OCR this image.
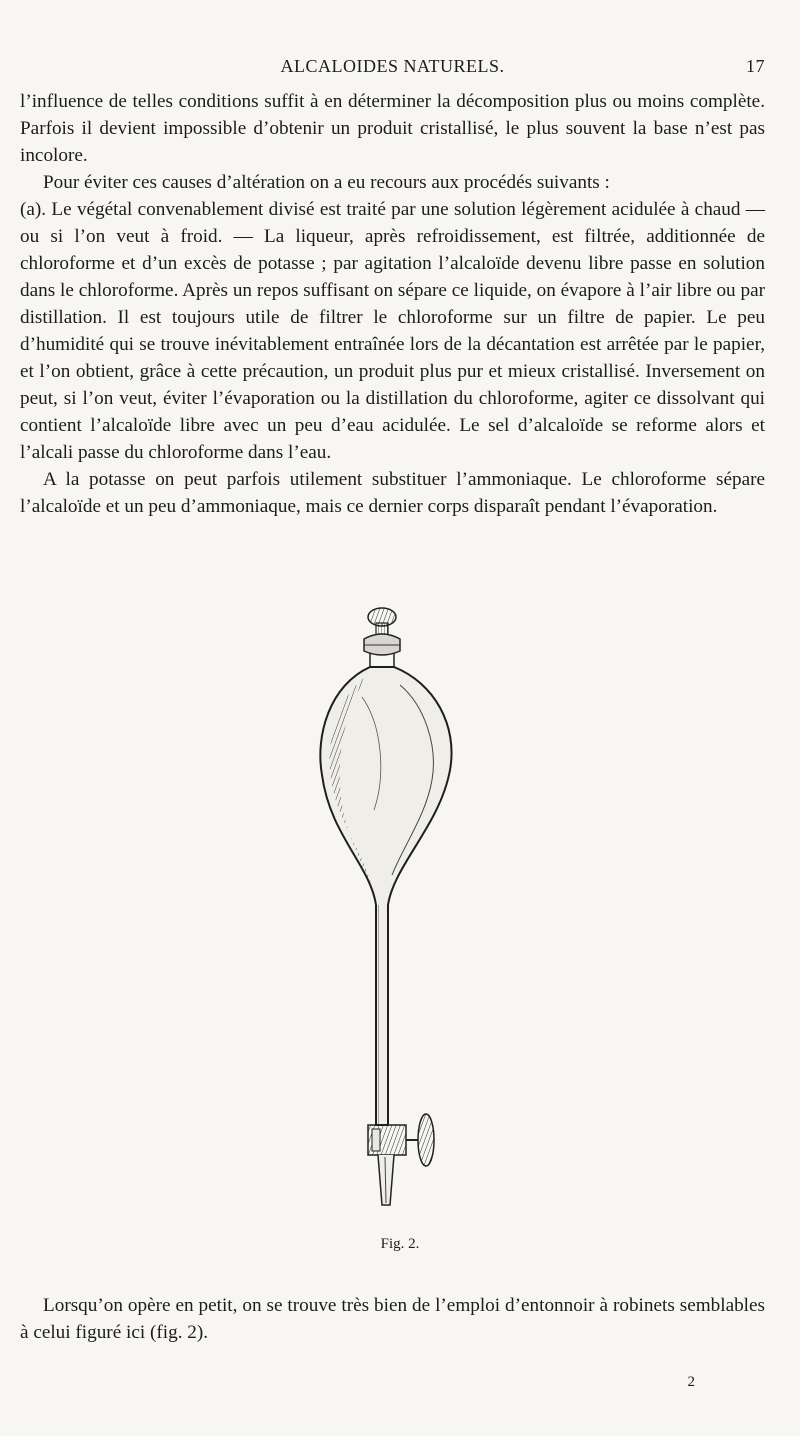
ALCALOIDES NATURELS.	17

l’influence de telles conditions suffit à en déterminer la décomposition plus ou moins complète. Parfois il devient impossible d’obtenir un produit cristallisé, le plus souvent la base n’est pas incolore.

Pour éviter ces causes d’altération on a eu recours aux procédés suivants :

(a). Le végétal convenablement divisé est traité par une solution légèrement acidulée à chaud — ou si l’on veut à froid. — La liqueur, après refroidissement, est filtrée, additionnée de chloroforme et d’un excès de potasse ; par agitation l’alcaloïde devenu libre passe en solution dans le chloroforme. Après un repos suffisant on sépare ce liquide, on évapore à l’air libre ou par distillation. Il est toujours utile de filtrer le chloroforme sur un filtre de papier. Le peu d’humidité qui se trouve inévitablement entraînée lors de la décantation est arrêtée par le papier, et l’on obtient, grâce à cette précaution, un produit plus pur et mieux cristallisé. Inversement on peut, si l’on veut, éviter l’évaporation ou la distillation du chloroforme, agiter ce dissolvant qui contient l’alcaloïde libre avec un peu d’eau acidulée. Le sel d’alcaloïde se reforme alors et l’alcali passe du chloroforme dans l’eau.

A la potasse on peut parfois utilement substituer l’ammoniaque. Le chloroforme sépare l’alcaloïde et un peu d’ammoniaque, mais ce dernier corps disparaît pendant l’évaporation.

Fig. 2.

Lorsqu’on opère en petit, on se trouve très bien de l’emploi d’entonnoir à robinets semblables à celui figuré ici (fig. 2).

2
